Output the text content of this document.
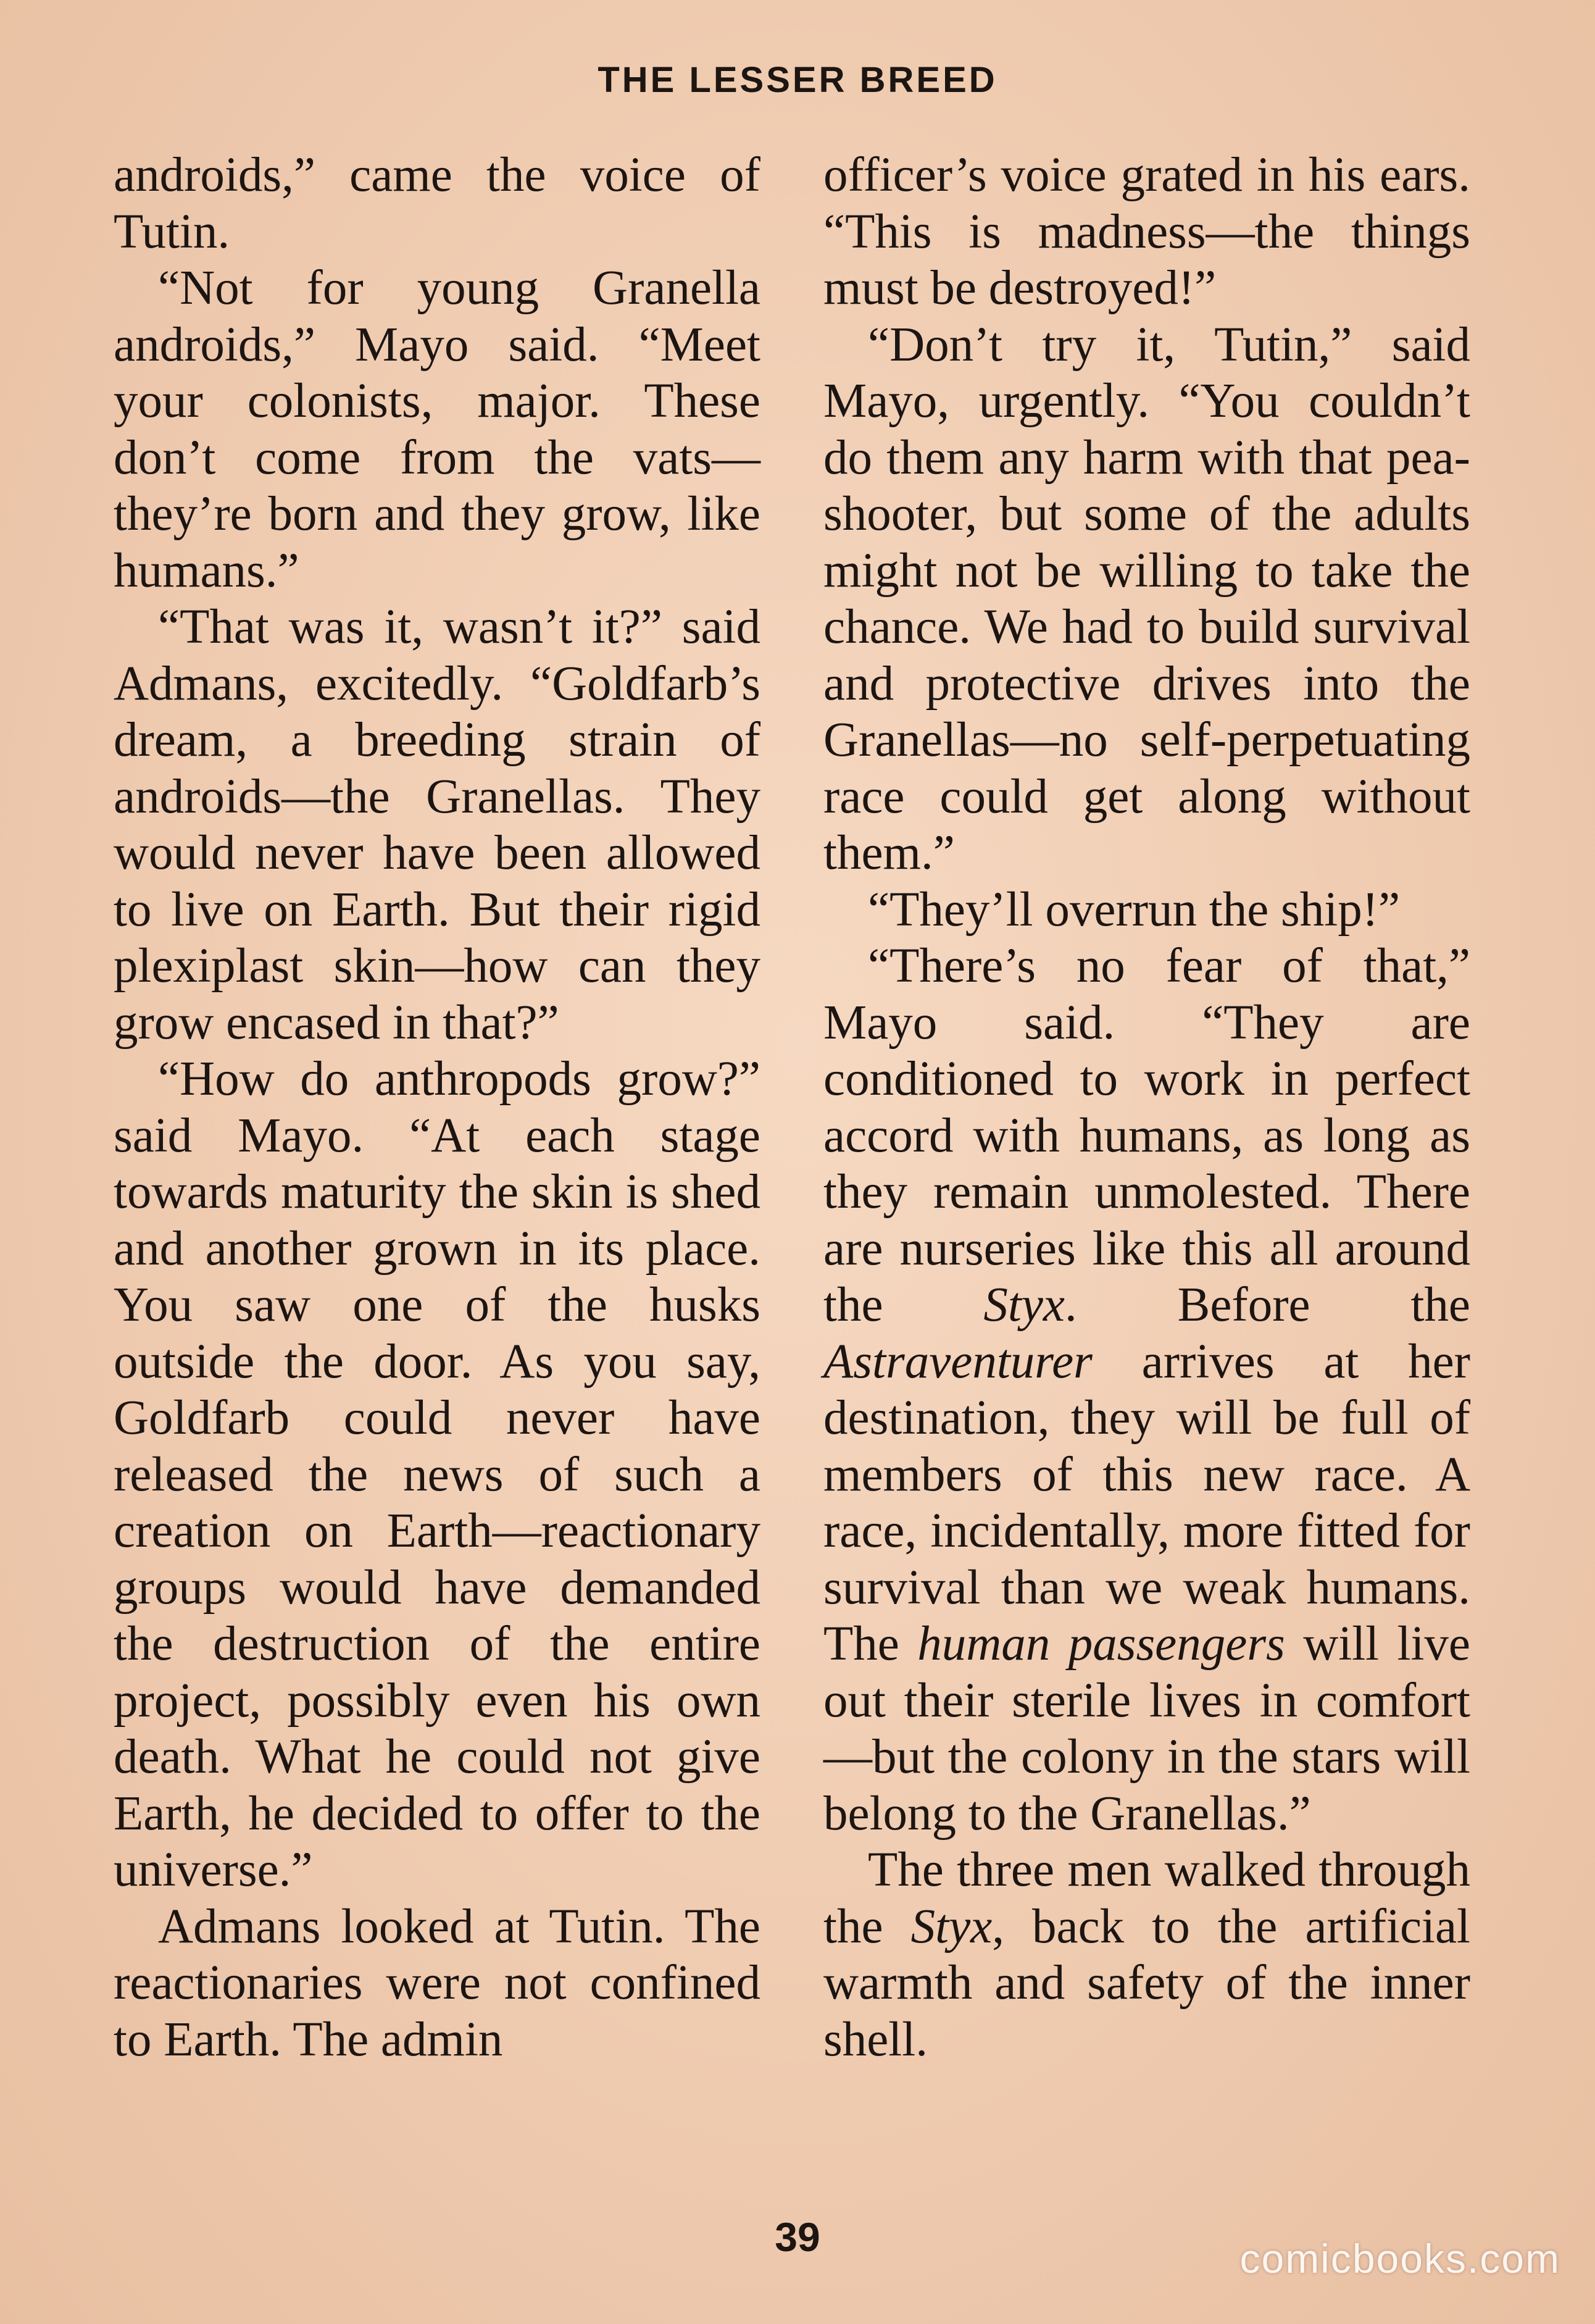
THE LESSER BREED

androids,” came the voice of Tutin.

“Not for young Granella androids,” Mayo said. “Meet your colonists, major. These don’t come from the vats—they’re born and they grow, like humans.”

“That was it, wasn’t it?” said Admans, excitedly. “Goldfarb’s dream, a breeding strain of androids—the Granellas. They would never have been allowed to live on Earth. But their rigid plexiplast skin—how can they grow encased in that?”

“How do anthropods grow?” said Mayo. “At each stage towards maturity the skin is shed and another grown in its place. You saw one of the husks outside the door. As you say, Goldfarb could never have released the news of such a creation on Earth—reactionary groups would have demanded the destruction of the entire project, possibly even his own death. What he could not give Earth, he decided to offer to the universe.”

Admans looked at Tutin. The reactionaries were not confined to Earth. The admin

officer’s voice grated in his ears. “This is madness—the things must be destroyed!”

“Don’t try it, Tutin,” said Mayo, urgently. “You couldn’t do them any harm with that pea-shooter, but some of the adults might not be willing to take the chance. We had to build survival and protective drives into the Granellas—no self-perpetuating race could get along without them.”

“They’ll overrun the ship!”

“There’s no fear of that,” Mayo said. “They are conditioned to work in perfect accord with humans, as long as they remain unmolested. There are nurseries like this all around the Styx. Before the Astraventurer arrives at her destination, they will be full of members of this new race. A race, incidentally, more fitted for survival than we weak humans. The human passengers will live out their sterile lives in comfort—but the colony in the stars will belong to the Granellas.”

The three men walked through the Styx, back to the artificial warmth and safety of the inner shell.

39	comicbooks.com
